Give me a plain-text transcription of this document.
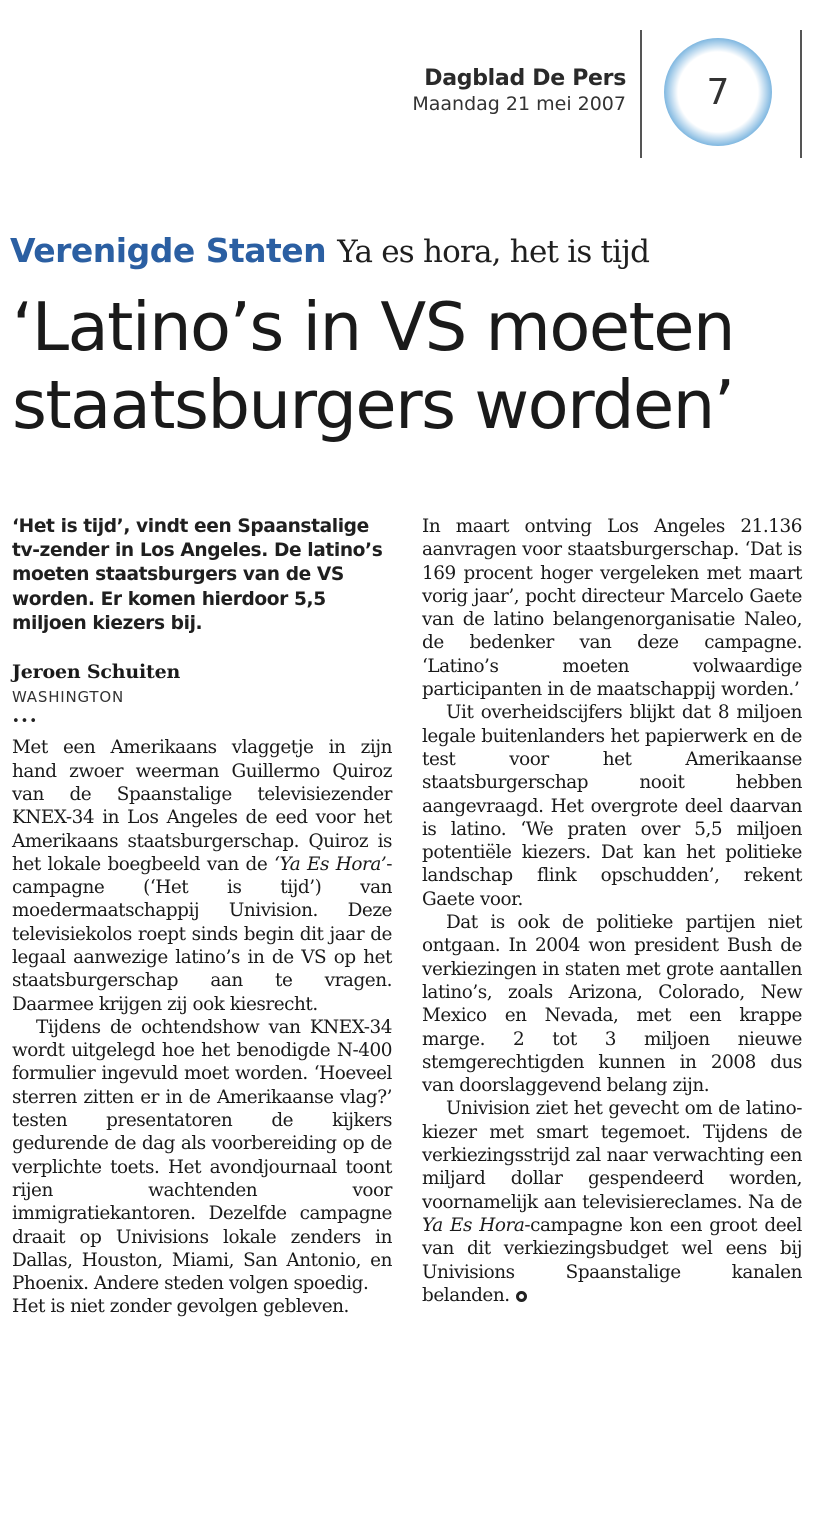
Dagblad De Pers
Maandag 21 mei 2007 7
Verenigde Staten Ya es hora, het is tijd
‘Latino’s in VS moeten
staatsburgers worden’

‘Het is tijd’, vindt een Spaanstalige tv-zender in Los Angeles. De latino’s moeten staatsburgers van de VS worden. Er komen hierdoor 5,5 miljoen kiezers bij.

Jeroen Schuiten

WASHINGTON

•••

Met een Amerikaans vlaggetje in zijn hand zwoer weerman Guillermo Quiroz van de Spaanstalige televisiezender KNEX-34 in Los Angeles de eed voor het Amerikaans staatsburgerschap. Quiroz is het lokale boegbeeld van de ‘Ya Es Hora’-campagne (‘Het is tijd’) van moedermaatschappij Univision. Deze televisiekolos roept sinds begin dit jaar de legaal aanwezige latino’s in de VS op het staatsburgerschap aan te vragen. Daarmee krijgen zij ook kiesrecht.

Tijdens de ochtendshow van KNEX-34 wordt uitgelegd hoe het benodigde N-400 formulier ingevuld moet worden. ‘Hoeveel sterren zitten er in de Amerikaanse vlag?’ testen presentatoren de kijkers gedurende de dag als voorbereiding op de verplichte toets. Het avondjournaal toont rijen wachtenden voor immigratiekantoren. Dezelfde campagne draait op Univisions lokale zenders in Dallas, Houston, Miami, San Antonio, en Phoenix. Andere steden volgen spoedig.

Het is niet zonder gevolgen gebleven.

In maart ontving Los Angeles 21.136 aanvragen voor staatsburgerschap. ‘Dat is 169 procent hoger vergeleken met maart vorig jaar’, pocht directeur Marcelo Gaete van de latino belangenorganisatie Naleo, de bedenker van deze campagne. ‘Latino’s moeten volwaardige participanten in de maatschappij worden.’

Uit overheidscijfers blijkt dat 8 miljoen legale buitenlanders het papierwerk en de test voor het Amerikaanse staatsburgerschap nooit hebben aangevraagd. Het overgrote deel daarvan is latino. ‘We praten over 5,5 miljoen potentiële kiezers. Dat kan het politieke landschap flink opschudden’, rekent Gaete voor.

Dat is ook de politieke partijen niet ontgaan. In 2004 won president Bush de verkiezingen in staten met grote aantallen latino’s, zoals Arizona, Colorado, New Mexico en Nevada, met een krappe marge. 2 tot 3 miljoen nieuwe stemgerechtigden kunnen in 2008 dus van doorslaggevend belang zijn.

Univision ziet het gevecht om de latino-kiezer met smart tegemoet. Tijdens de verkiezingsstrijd zal naar verwachting een miljard dollar gespendeerd worden, voornamelijk aan televisiereclames. Na de Ya Es Hora-campagne kon een groot deel van dit verkiezingsbudget wel eens bij Univisions Spaanstalige kanalen belanden.
